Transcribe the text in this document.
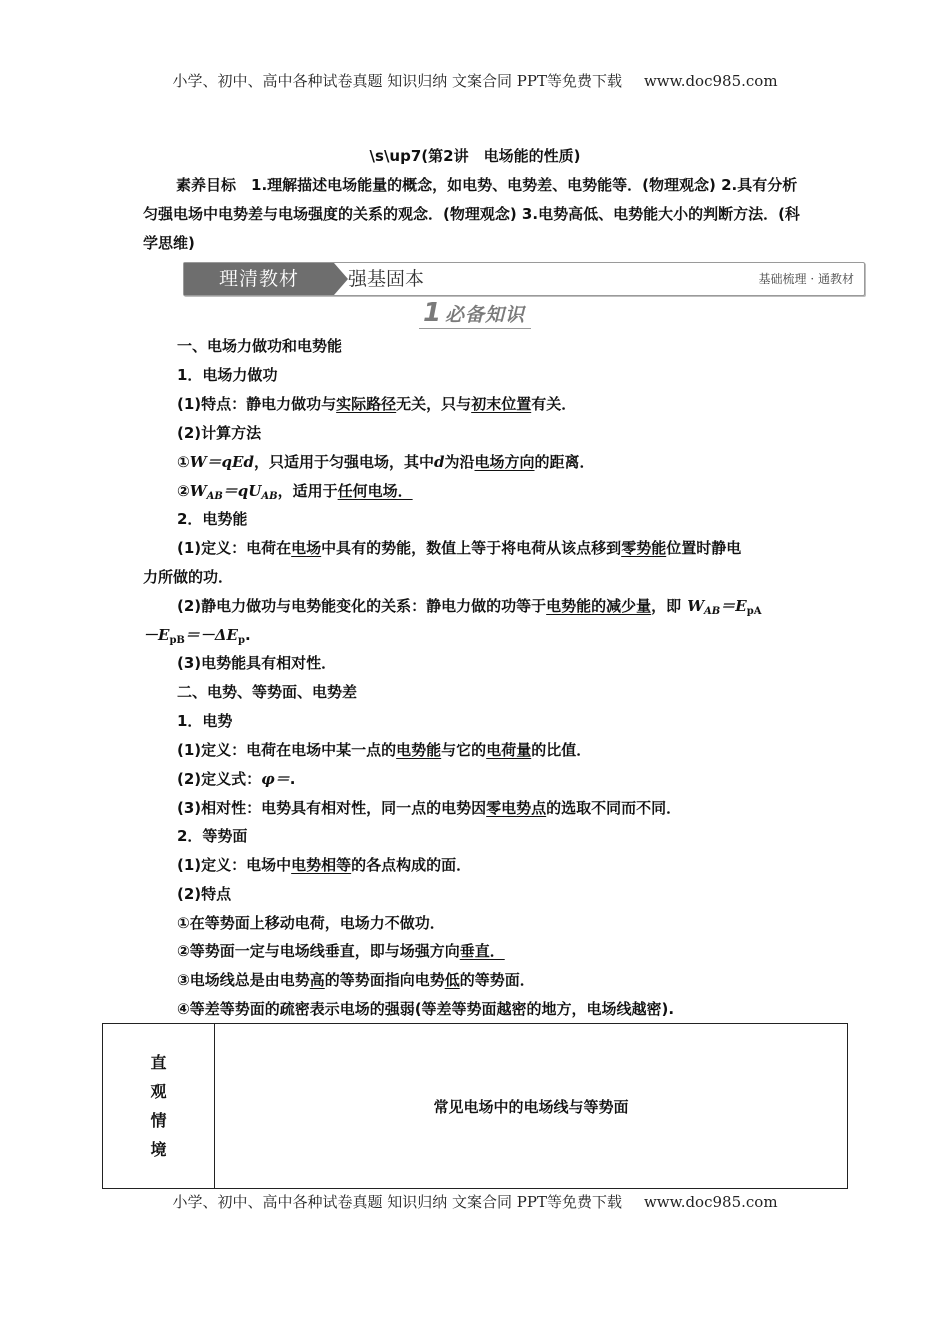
小学、初中、高中各种试卷真题 知识归纳 文案合同 PPT等免费下载 www.doc985.com
\s\up7(第2讲　电场能的性质)
素养目标　1.理解描述电场能量的概念，如电势、电势差、电势能等．(物理观念) 2.具有分析匀强电场中电势差与电场强度的关系的观念．(物理观念) 3.电势高低、电势能大小的判断方法．(科学思维)
理清教材	强基固本	基础梳理 · 通教材
1 必备知识
一、电场力做功和电势能
1．电场力做功
(1)特点：静电力做功与实际路径无关，只与初末位置有关．
(2)计算方法
①W＝qEd，只适用于匀强电场，其中d为沿电场方向的距离．
$②W_{AB}=qU_{AB}$，适用于任何电场．
2．电势能
(1)定义：电荷在电场中具有的势能，数值上等于将电荷从该点移到零势能位置时静电
力所做的功．
(2)静电力做功与电势能变化的关系：静电力做的功等于电势能的减少量，即 $W_{AB}=E_{pA}$
$-E_{pB}=-\Delta E_p$.
(3)电势能具有相对性．
二、电势、等势面、电势差
1．电势
(1)定义：电荷在电场中某一点的电势能与它的电荷量的比值．
(2)定义式：φ＝.
(3)相对性：电势具有相对性，同一点的电势因零电势点的选取不同而不同．
2．等势面
(1)定义：电场中电势相等的各点构成的面．
(2)特点
①在等势面上移动电荷，电场力不做功．
②等势面一定与电场线垂直，即与场强方向垂直．
③电场线总是由电势高的等势面指向电势低的等势面．
④等差等势面的疏密表示电场的强弱(等差等势面越密的地方，电场线越密).
直
观
情
境
常见电场中的电场线与等势面
小学、初中、高中各种试卷真题 知识归纳 文案合同 PPT等免费下载 www.doc985.com
